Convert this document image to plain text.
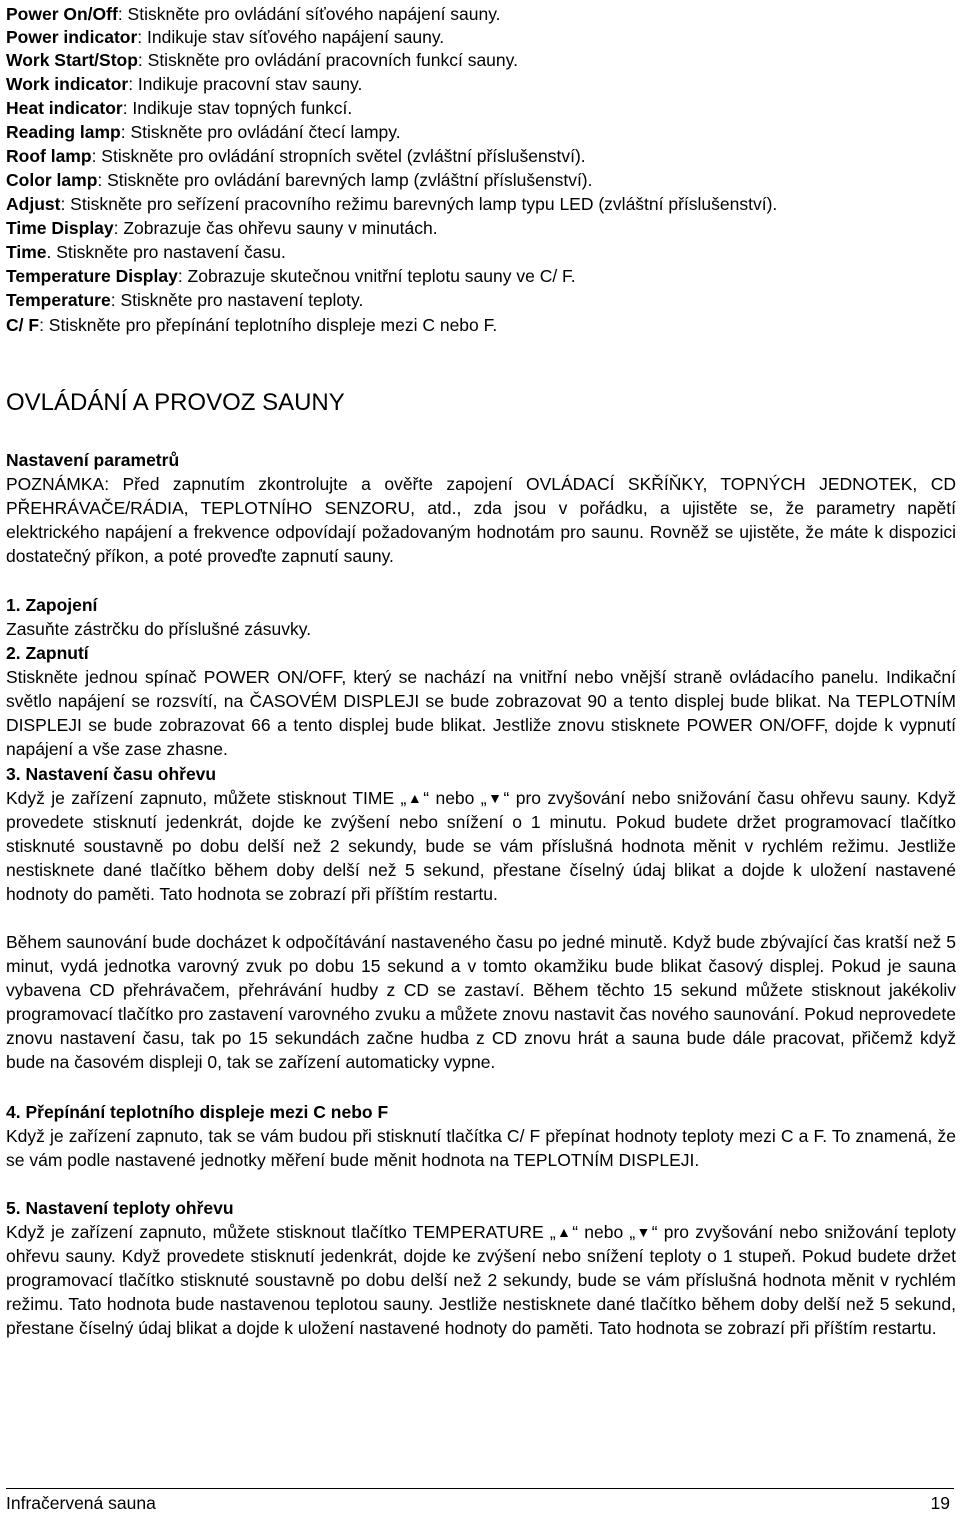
Power On/Off: Stiskněte pro ovládání síťového napájení sauny.
Power indicator: Indikuje stav síťového napájení sauny.
Work Start/Stop: Stiskněte pro ovládání pracovních funkcí sauny.
Work indicator: Indikuje pracovní stav sauny.
Heat indicator: Indikuje stav topných funkcí.
Reading lamp: Stiskněte pro ovládání čtecí lampy.
Roof lamp: Stiskněte pro ovládání stropních světel (zvláštní příslušenství).
Color lamp: Stiskněte pro ovládání barevných lamp (zvláštní příslušenství).
Adjust: Stiskněte pro seřízení pracovního režimu barevných lamp typu LED (zvláštní příslušenství).
Time Display: Zobrazuje čas ohřevu sauny v minutách.
Time. Stiskněte pro nastavení času.
Temperature Display: Zobrazuje skutečnou vnitřní teplotu sauny ve C/ F.
Temperature: Stiskněte pro nastavení teploty.
C/ F: Stiskněte pro přepínání teplotního displeje mezi C nebo F.
OVLÁDÁNÍ A PROVOZ SAUNY
Nastavení parametrů
POZNÁMKA: Před zapnutím zkontrolujte a ověřte zapojení OVLÁDACÍ SKŘÍŇKY, TOPNÝCH JEDNOTEK, CD PŘEHRÁVAČE/RÁDIA, TEPLOTNÍHO SENZORU, atd., zda jsou v pořádku, a ujistěte se, že parametry napětí elektrického napájení a frekvence odpovídají požadovaným hodnotám pro saunu. Rovněž se ujistěte, že máte k dispozici dostatečný příkon, a poté proveďte zapnutí sauny.
1. Zapojení
Zasuňte zástrčku do příslušné zásuvky.
2. Zapnutí
Stiskněte jednou spínač POWER ON/OFF, který se nachází na vnitřní nebo vnější straně ovládacího panelu. Indikační světlo napájení se rozsvítí, na ČASOVÉM DISPLEJI se bude zobrazovat 90 a tento displej bude blikat. Na TEPLOTNÍM DISPLEJI se bude zobrazovat 66 a tento displej bude blikat. Jestliže znovu stisknete POWER ON/OFF, dojde k vypnutí napájení a vše zase zhasne.
3. Nastavení času ohřevu
Když je zařízení zapnuto, můžete stisknout TIME „▲“ nebo „▼“ pro zvyšování nebo snižování času ohřevu sauny. Když provedete stisknutí jedenkrát, dojde ke zvýšení nebo snížení o 1 minutu. Pokud budete držet programovací tlačítko stisknuté soustavně po dobu delší než 2 sekundy, bude se vám příslušná hodnota měnit v rychlém režimu. Jestliže nestisknete dané tlačítko během doby delší než 5 sekund, přestane číselný údaj blikat a dojde k uložení nastavené hodnoty do paměti. Tato hodnota se zobrazí při příštím restartu.
Během saunování bude docházet k odpočítávání nastaveného času po jedné minutě. Když bude zbývající čas kratší než 5 minut, vydá jednotka varovný zvuk po dobu 15 sekund a v tomto okamžiku bude blikat časový displej. Pokud je sauna vybavena CD přehrávačem, přehrávání hudby z CD se zastaví. Během těchto 15 sekund můžete stisknout jakékoliv programovací tlačítko pro zastavení varovného zvuku a můžete znovu nastavit čas nového saunování. Pokud neprovedete znovu nastavení času, tak po 15 sekundách začne hudba z CD znovu hrát a sauna bude dále pracovat, přičemž když bude na časovém displeji 0, tak se zařízení automaticky vypne.
4. Přepínání teplotního displeje mezi C nebo F
Když je zařízení zapnuto, tak se vám budou při stisknutí tlačítka C/ F přepínat hodnoty teploty mezi C a F. To znamená, že se vám podle nastavené jednotky měření bude měnit hodnota na TEPLOTNÍM DISPLEJI.
5. Nastavení teploty ohřevu
Když je zařízení zapnuto, můžete stisknout tlačítko TEMPERATURE „▲“ nebo „▼“ pro zvyšování nebo snižování teploty ohřevu sauny. Když provedete stisknutí jedenkrát, dojde ke zvýšení nebo snížení teploty o 1 stupeň. Pokud budete držet programovací tlačítko stisknuté soustavně po dobu delší než 2 sekundy, bude se vám příslušná hodnota měnit v rychlém režimu. Tato hodnota bude nastavenou teplotou sauny. Jestliže nestisknete dané tlačítko během doby delší než 5 sekund, přestane číselný údaj blikat a dojde k uložení nastavené hodnoty do paměti. Tato hodnota se zobrazí při příštím restartu.
Infračervená sauna	19
